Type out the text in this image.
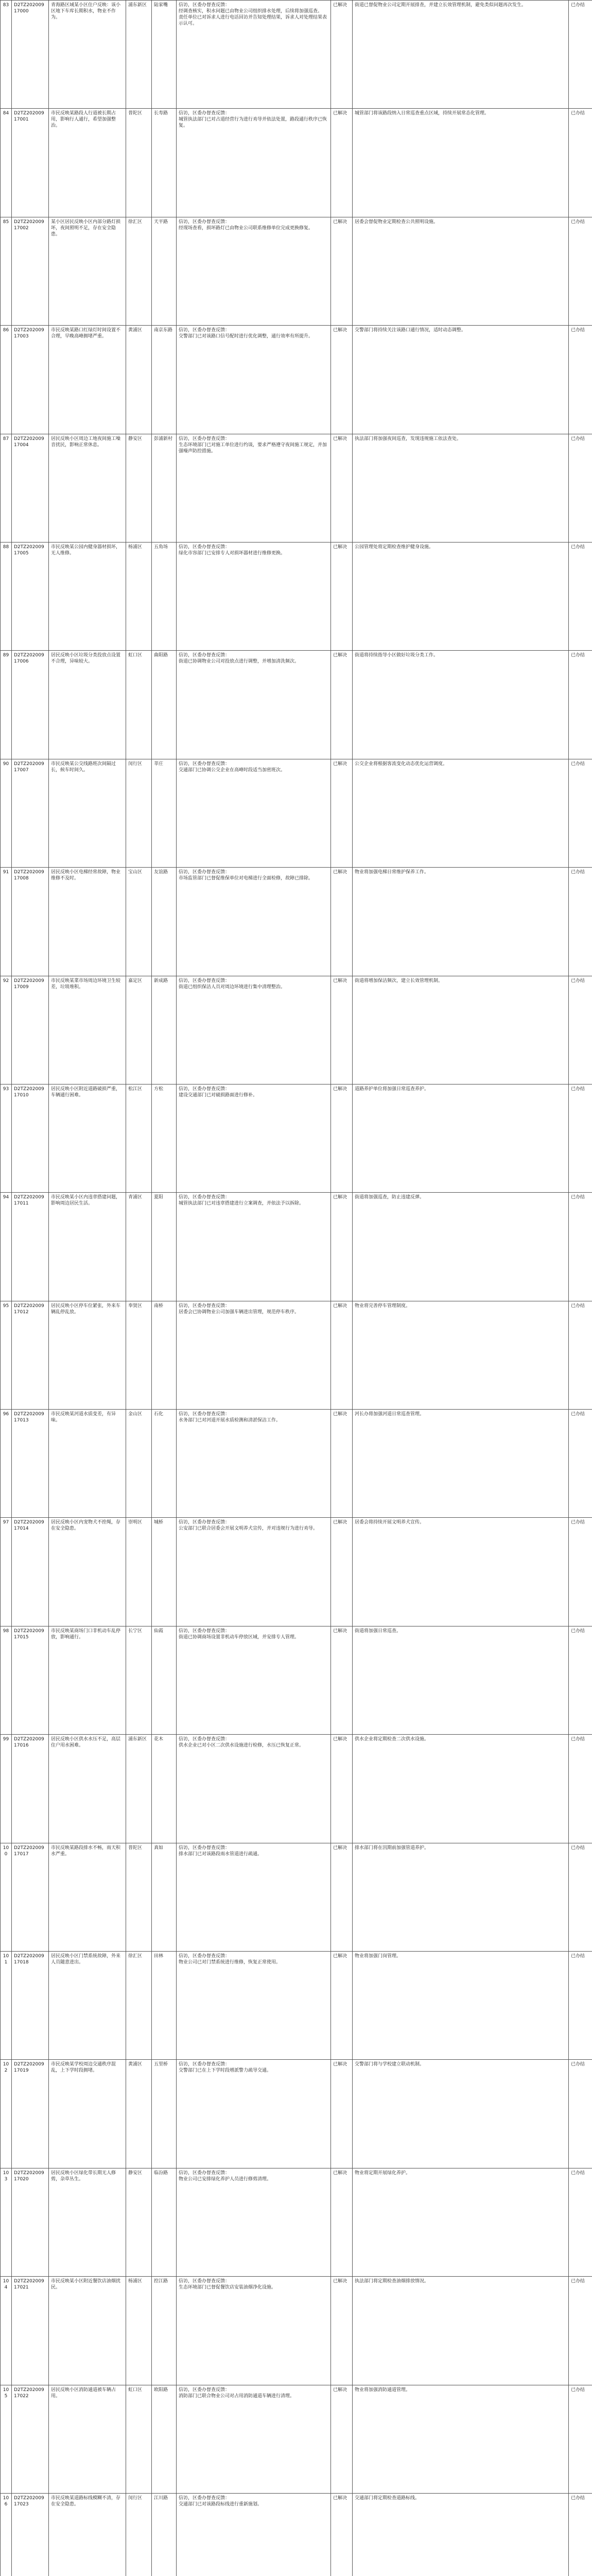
83	D2TZ20200917000	青海路区域某小区住户反映：该小区地下车库长期积水，物业不作为。	浦东新区	陆家嘴	信访，区委办督查反馈：
经调查核实，积水问题已由物业公司组织排水处理，后续将加强巡查。
责任单位已对诉求人进行电话回访并告知处理结果，诉求人对处理结果表示认可。	已解决	街道已督促物业公司定期开展排查，并建立长效管理机制，避免类似问题再次发生。	已办结
84	D2TZ20200917001	市民反映某路段人行道被长期占用，影响行人通行，希望加强整治。	普陀区	长寿路	信访，区委办督查反馈：
城管执法部门已对占道经营行为进行劝导并依法处置，路段通行秩序已恢复。	已解决	城管部门将该路段纳入日常巡查重点区域，持续开展常态化管理。	已办结
85	D2TZ20200917002	某小区居民反映小区内部分路灯损坏，夜间照明不足，存在安全隐患。	徐汇区	天平路	信访，区委办督查反馈：
经现场查看，损坏路灯已由物业公司联系维修单位完成更换修复。	已解决	居委会督促物业定期检查公共照明设施。	已办结
86	D2TZ20200917003	市民反映某路口红绿灯时间设置不合理，早晚高峰拥堵严重。	黄浦区	南京东路	信访，区委办督查反馈：
交警部门已对该路口信号配时进行优化调整，通行效率有所提升。	已解决	交警部门将持续关注该路口通行情况，适时动态调整。	已办结
87	D2TZ20200917004	居民反映小区周边工地夜间施工噪音扰民，影响正常休息。	静安区	彭浦新村	信访，区委办督查反馈：
生态环境部门已对施工单位进行约谈，要求严格遵守夜间施工规定，并加强噪声防控措施。	已解决	执法部门将加强夜间巡查，发现违规施工依法查处。	已办结
88	D2TZ20200917005	市民反映某公园内健身器材损坏，无人维修。	杨浦区	五角场	信访，区委办督查反馈：
绿化市容部门已安排专人对损坏器材进行维修更换。	已解决	公园管理处将定期检查维护健身设施。	已办结
89	D2TZ20200917006	居民反映小区垃圾分类投放点设置不合理，异味较大。	虹口区	曲阳路	信访，区委办督查反馈：
街道已协调物业公司对投放点进行调整，并增加清洗频次。	已解决	街道将持续指导小区做好垃圾分类工作。	已办结
90	D2TZ20200917007	市民反映某公交线路班次间隔过长，候车时间久。	闵行区	莘庄	信访，区委办督查反馈：
交通部门已协调公交企业在高峰时段适当加密班次。	已解决	公交企业将根据客流变化动态优化运营调度。	已办结
91	D2TZ20200917008	居民反映小区电梯经常故障，物业维修不及时。	宝山区	友谊路	信访，区委办督查反馈：
市场监管部门已督促维保单位对电梯进行全面检修，故障已排除。	已解决	物业将加强电梯日常维护保养工作。	已办结
92	D2TZ20200917009	市民反映某菜市场周边环境卫生较差，垃圾堆积。	嘉定区	新成路	信访，区委办督查反馈：
街道已组织保洁人员对周边环境进行集中清理整治。	已解决	街道将增加保洁频次，建立长效管理机制。	已办结
93	D2TZ20200917010	居民反映小区附近道路破损严重，车辆通行困难。	松江区	方松	信访，区委办督查反馈：
建设交通部门已对破损路面进行修补。	已解决	道路养护单位将加强日常巡查养护。	已办结
94	D2TZ20200917011	市民反映某小区内违章搭建问题，影响周边居民生活。	青浦区	夏阳	信访，区委办督查反馈：
城管执法部门已对违章搭建进行立案调查，并依法予以拆除。	已解决	街道将加强巡查，防止违建反弹。	已办结
95	D2TZ20200917012	居民反映小区停车位紧张，外来车辆乱停乱放。	奉贤区	南桥	信访，区委办督查反馈：
居委会已协调物业公司加强车辆进出管理，规范停车秩序。	已解决	物业将完善停车管理制度。	已办结
96	D2TZ20200917013	市民反映某河道水质变差，有异味。	金山区	石化	信访，区委办督查反馈：
水务部门已对河道开展水质检测和清淤保洁工作。	已解决	河长办将加强河道日常巡查管理。	已办结
97	D2TZ20200917014	居民反映小区内宠物犬不拴绳，存在安全隐患。	崇明区	城桥	信访，区委办督查反馈：
公安部门已联合居委会开展文明养犬宣传，并对违规行为进行劝导。	已解决	居委会将持续开展文明养犬宣传。	已办结
98	D2TZ20200917015	市民反映某商场门口非机动车乱停放，影响通行。	长宁区	仙霞	信访，区委办督查反馈：
街道已协调商场设置非机动车停放区域，并安排专人管理。	已解决	街道将加强日常巡查。	已办结
99	D2TZ20200917016	居民反映小区供水水压不足，高层住户用水困难。	浦东新区	花木	信访，区委办督查反馈：
供水企业已对小区二次供水设施进行检修，水压已恢复正常。	已解决	供水企业将定期检查二次供水设施。	已办结
100	D2TZ20200917017	市民反映某路段排水不畅，雨天积水严重。	普陀区	真如	信访，区委办督查反馈：
排水部门已对该路段雨水管道进行疏通。	已解决	排水部门将在汛期前加强管道养护。	已办结
101	D2TZ20200917018	居民反映小区门禁系统故障，外来人员随意进出。	徐汇区	田林	信访，区委办督查反馈：
物业公司已对门禁系统进行维修，恢复正常使用。	已解决	物业将加强门岗管理。	已办结
102	D2TZ20200917019	市民反映某学校周边交通秩序混乱，上下学时段拥堵。	黄浦区	五里桥	信访，区委办督查反馈：
交警部门已在上下学时段增派警力疏导交通。	已解决	交警部门将与学校建立联动机制。	已办结
103	D2TZ20200917020	居民反映小区绿化带长期无人修剪，杂草丛生。	静安区	临汾路	信访，区委办督查反馈：
物业公司已安排绿化养护人员进行修剪清理。	已解决	物业将定期开展绿化养护。	已办结
104	D2TZ20200917021	市民反映某小区附近餐饮店油烟扰民。	杨浦区	控江路	信访，区委办督查反馈：
生态环境部门已督促餐饮店安装油烟净化设施。	已解决	执法部门将定期检查油烟排放情况。	已办结
105	D2TZ20200917022	居民反映小区消防通道被车辆占用。	虹口区	欧阳路	信访，区委办督查反馈：
消防部门已联合物业公司对占用消防通道车辆进行清理。	已解决	物业将加强消防通道管理。	已办结
106	D2TZ20200917023	市民反映某道路标线模糊不清，存在安全隐患。	闵行区	江川路	信访，区委办督查反馈：
交通部门已对该路段标线进行重新施划。	已解决	交通部门将定期检查道路标线。	已办结
